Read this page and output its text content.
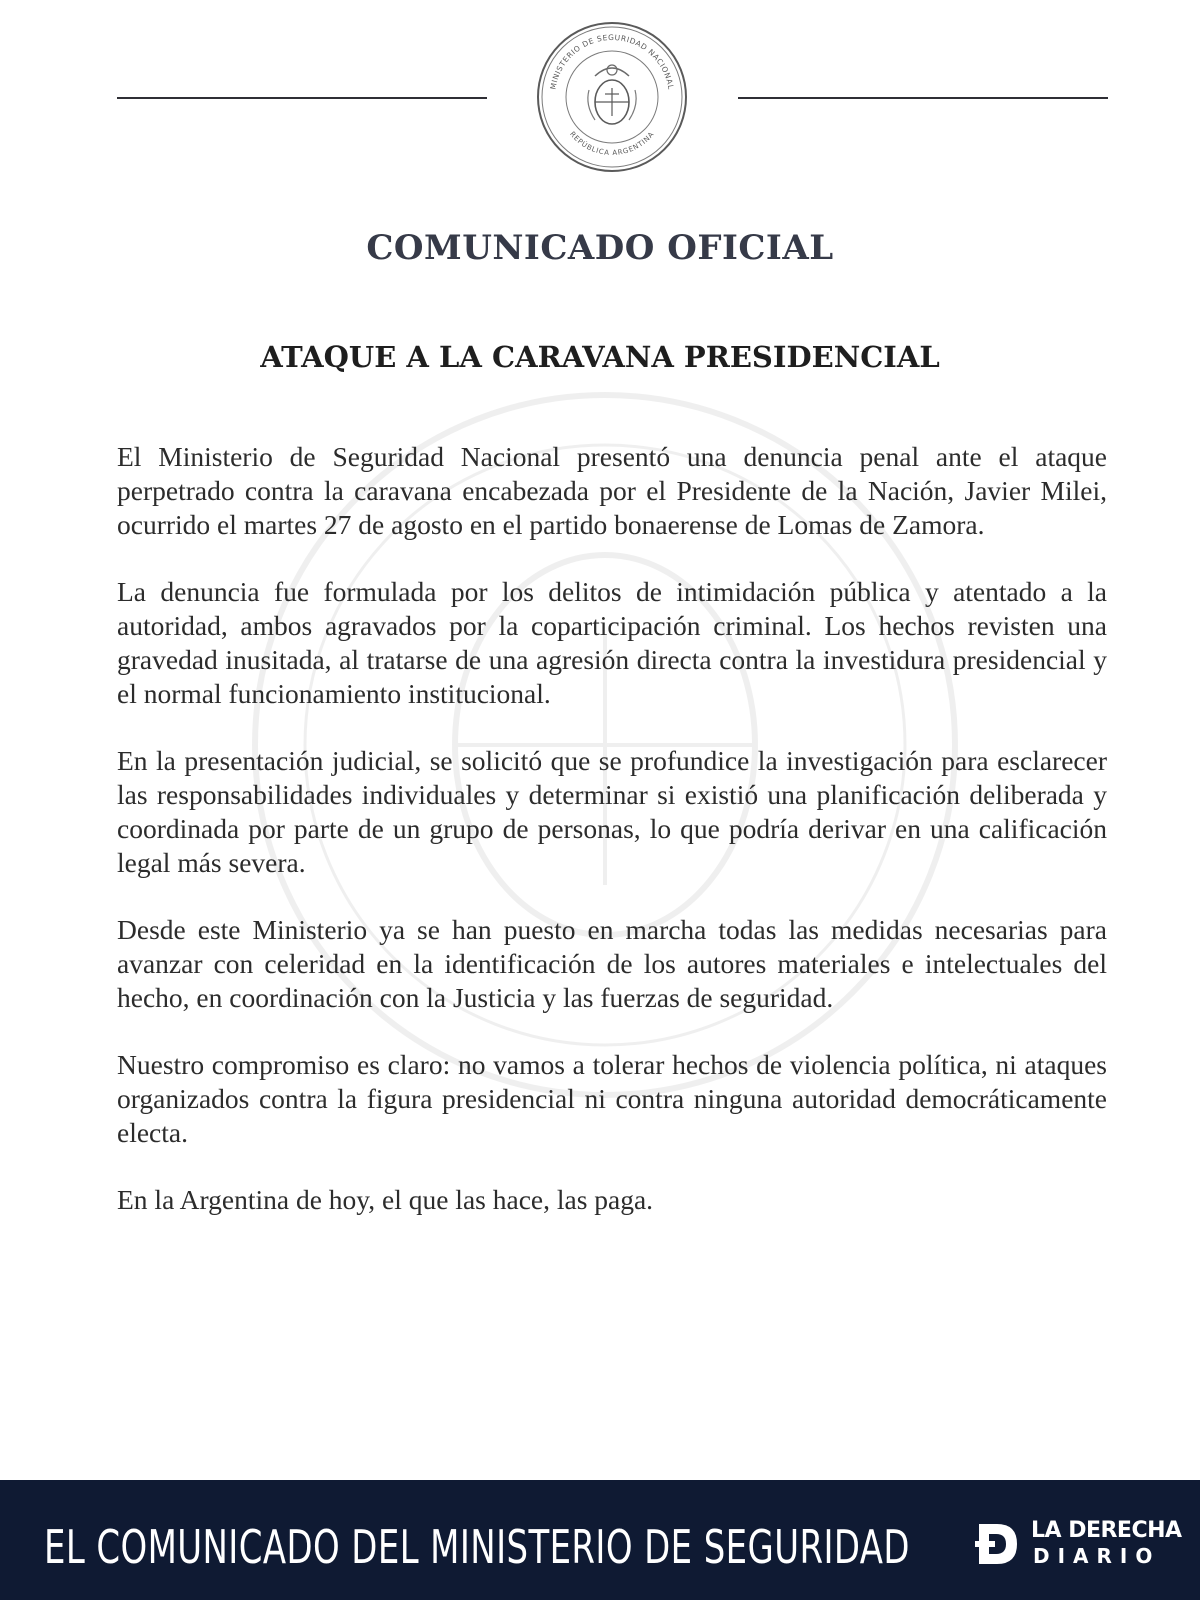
MINISTERIO DE SEGURIDAD NACIONAL
REPÚBLICA ARGENTINA
COMUNICADO OFICIAL
ATAQUE A LA CARAVANA PRESIDENCIAL

El Ministerio de Seguridad Nacional presentó una denuncia penal ante el ataque perpetrado contra la caravana encabezada por el Presidente de la Nación, Javier Milei, ocurrido el martes 27 de agosto en el partido bonaerense de Lomas de Zamora.

La denuncia fue formulada por los delitos de intimidación pública y atentado a la autoridad, ambos agravados por la coparticipación criminal. Los hechos revisten una gravedad inusitada, al tratarse de una agresión directa contra la investidura presidencial y el normal funcionamiento institucional.

En la presentación judicial, se solicitó que se profundice la investigación para esclarecer las responsabilidades individuales y determinar si existió una planificación deliberada y coordinada por parte de un grupo de personas, lo que podría derivar en una calificación legal más severa.

Desde este Ministerio ya se han puesto en marcha todas las medidas necesarias para avanzar con celeridad en la identificación de los autores materiales e intelectuales del hecho, en coordinación con la Justicia y las fuerzas de seguridad.

Nuestro compromiso es claro: no vamos a tolerar hechos de violencia política, ni ataques organizados contra la figura presidencial ni contra ninguna autoridad democráticamente electa.

En la Argentina de hoy, el que las hace, las paga.

EL COMUNICADO DEL MINISTERIO DE SEGURIDAD	LA DERECHA
DIARIO
